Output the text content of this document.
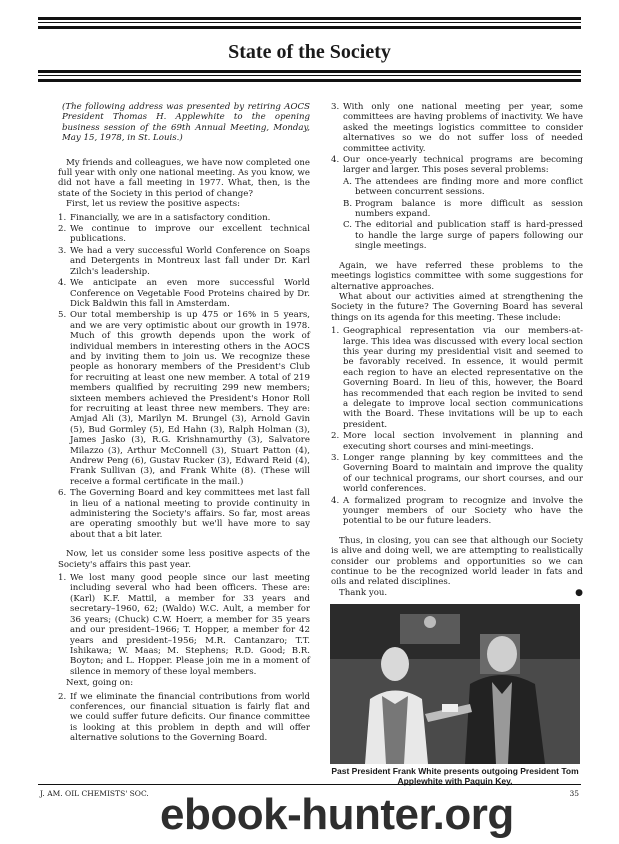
State of the Society

(The following address was presented by retiring AOCS President Thomas H. Applewhite to the opening business session of the 69th Annual Meeting, Monday, May 15, 1978, in St. Louis.)

My friends and colleagues, we have now completed one full year with only one national meeting. As you know, we did not have a fall meeting in 1977. What, then, is the state of the Society in this period of change?

First, let us review the positive aspects:

1. Financially, we are in a satisfactory condition.
2. We continue to improve our excellent technical publications.
3. We had a very successful World Conference on Soaps and Detergents in Montreux last fall under Dr. Karl Zilch's leadership.
4. We anticipate an even more successful World Conference on Vegetable Food Proteins chaired by Dr. Dick Baldwin this fall in Amsterdam.
5. Our total membership is up 475 or 16% in 5 years, and we are very optimistic about our growth in 1978. Much of this growth depends upon the work of individual members in interesting others in the AOCS and by inviting them to join us. We recognize these people as honorary members of the President's Club for recruiting at least one new member. A total of 219 members qualified by recruiting 299 new members; sixteen members achieved the President's Honor Roll for recruiting at least three new members. They are: Amjad Ali (3), Marilyn M. Brungel (3), Arnold Gavin (5), Bud Gormley (5), Ed Hahn (3), Ralph Holman (3), James Jasko (3), R.G. Krishnamurthy (3), Salvatore Milazzo (3), Arthur McConnell (3), Stuart Patton (4), Andrew Peng (6), Gustav Rucker (3), Edward Reid (4), Frank Sullivan (3), and Frank White (8). (These will receive a formal certificate in the mail.)
6. The Governing Board and key committees met last fall in lieu of a national meeting to provide continuity in administering the Society's affairs. So far, most areas are operating smoothly but we'll have more to say about that a bit later.

Now, let us consider some less positive aspects of the Society's affairs this past year.

1. We lost many good people since our last meeting including several who had been officers. These are: (Karl) K.F. Mattil, a member for 33 years and secretary–1960, 62; (Waldo) W.C. Ault, a member for 36 years; (Chuck) C.W. Hoerr, a member for 35 years and our president–1966; T. Hopper, a member for 42 years and president–1956; M.R. Cantanzaro; T.T. Ishikawa; W. Maas; M. Stephens; R.D. Good; B.R. Boyton; and L. Hopper. Please join me in a moment of silence in memory of these loyal members.

Next, going on:

2. If we eliminate the financial contributions from world conferences, our financial situation is fairly flat and we could suffer future deficits. Our finance committee is looking at this problem in depth and will offer alternative solutions to the Governing Board.
3. With only one national meeting per year, some committees are having problems of inactivity. We have asked the meetings logistics committee to consider alternatives so we do not suffer loss of needed committee activity.
4. Our once-yearly technical programs are becoming larger and larger. This poses several problems:
A. The attendees are finding more and more conflict between concurrent sessions.
B. Program balance is more difficult as session numbers expand.
C. The editorial and publication staff is hard-pressed to handle the large surge of papers following our single meetings.

Again, we have referred these problems to the meetings logistics committee with some suggestions for alternative approaches.

What about our activities aimed at strengthening the Society in the future? The Governing Board has several things on its agenda for this meeting. These include:

1. Geographical representation via our members-at-large. This idea was discussed with every local section this year during my presidential visit and seemed to be favorably received. In essence, it would permit each region to have an elected representative on the Governing Board. In lieu of this, however, the Board has recommended that each region be invited to send a delegate to improve local section communications with the Board. These invitations will be up to each president.
2. More local section involvement in planning and executing short courses and mini-meetings.
3. Longer range planning by key committees and the Governing Board to maintain and improve the quality of our technical programs, our short courses, and our world conferences.
4. A formalized program to recognize and involve the younger members of our Society who have the potential to be our future leaders.

Thus, in closing, you can see that although our Society is alive and doing well, we are attempting to realistically consider our problems and opportunities so we can continue to be the recognized world leader in fats and oils and related disciplines.

Thank you.	●

Past President Frank White presents outgoing President Tom Applewhite with Paquin Key.
J. AM. OIL CHEMISTS' SOC.	35
ebook-hunter.org
